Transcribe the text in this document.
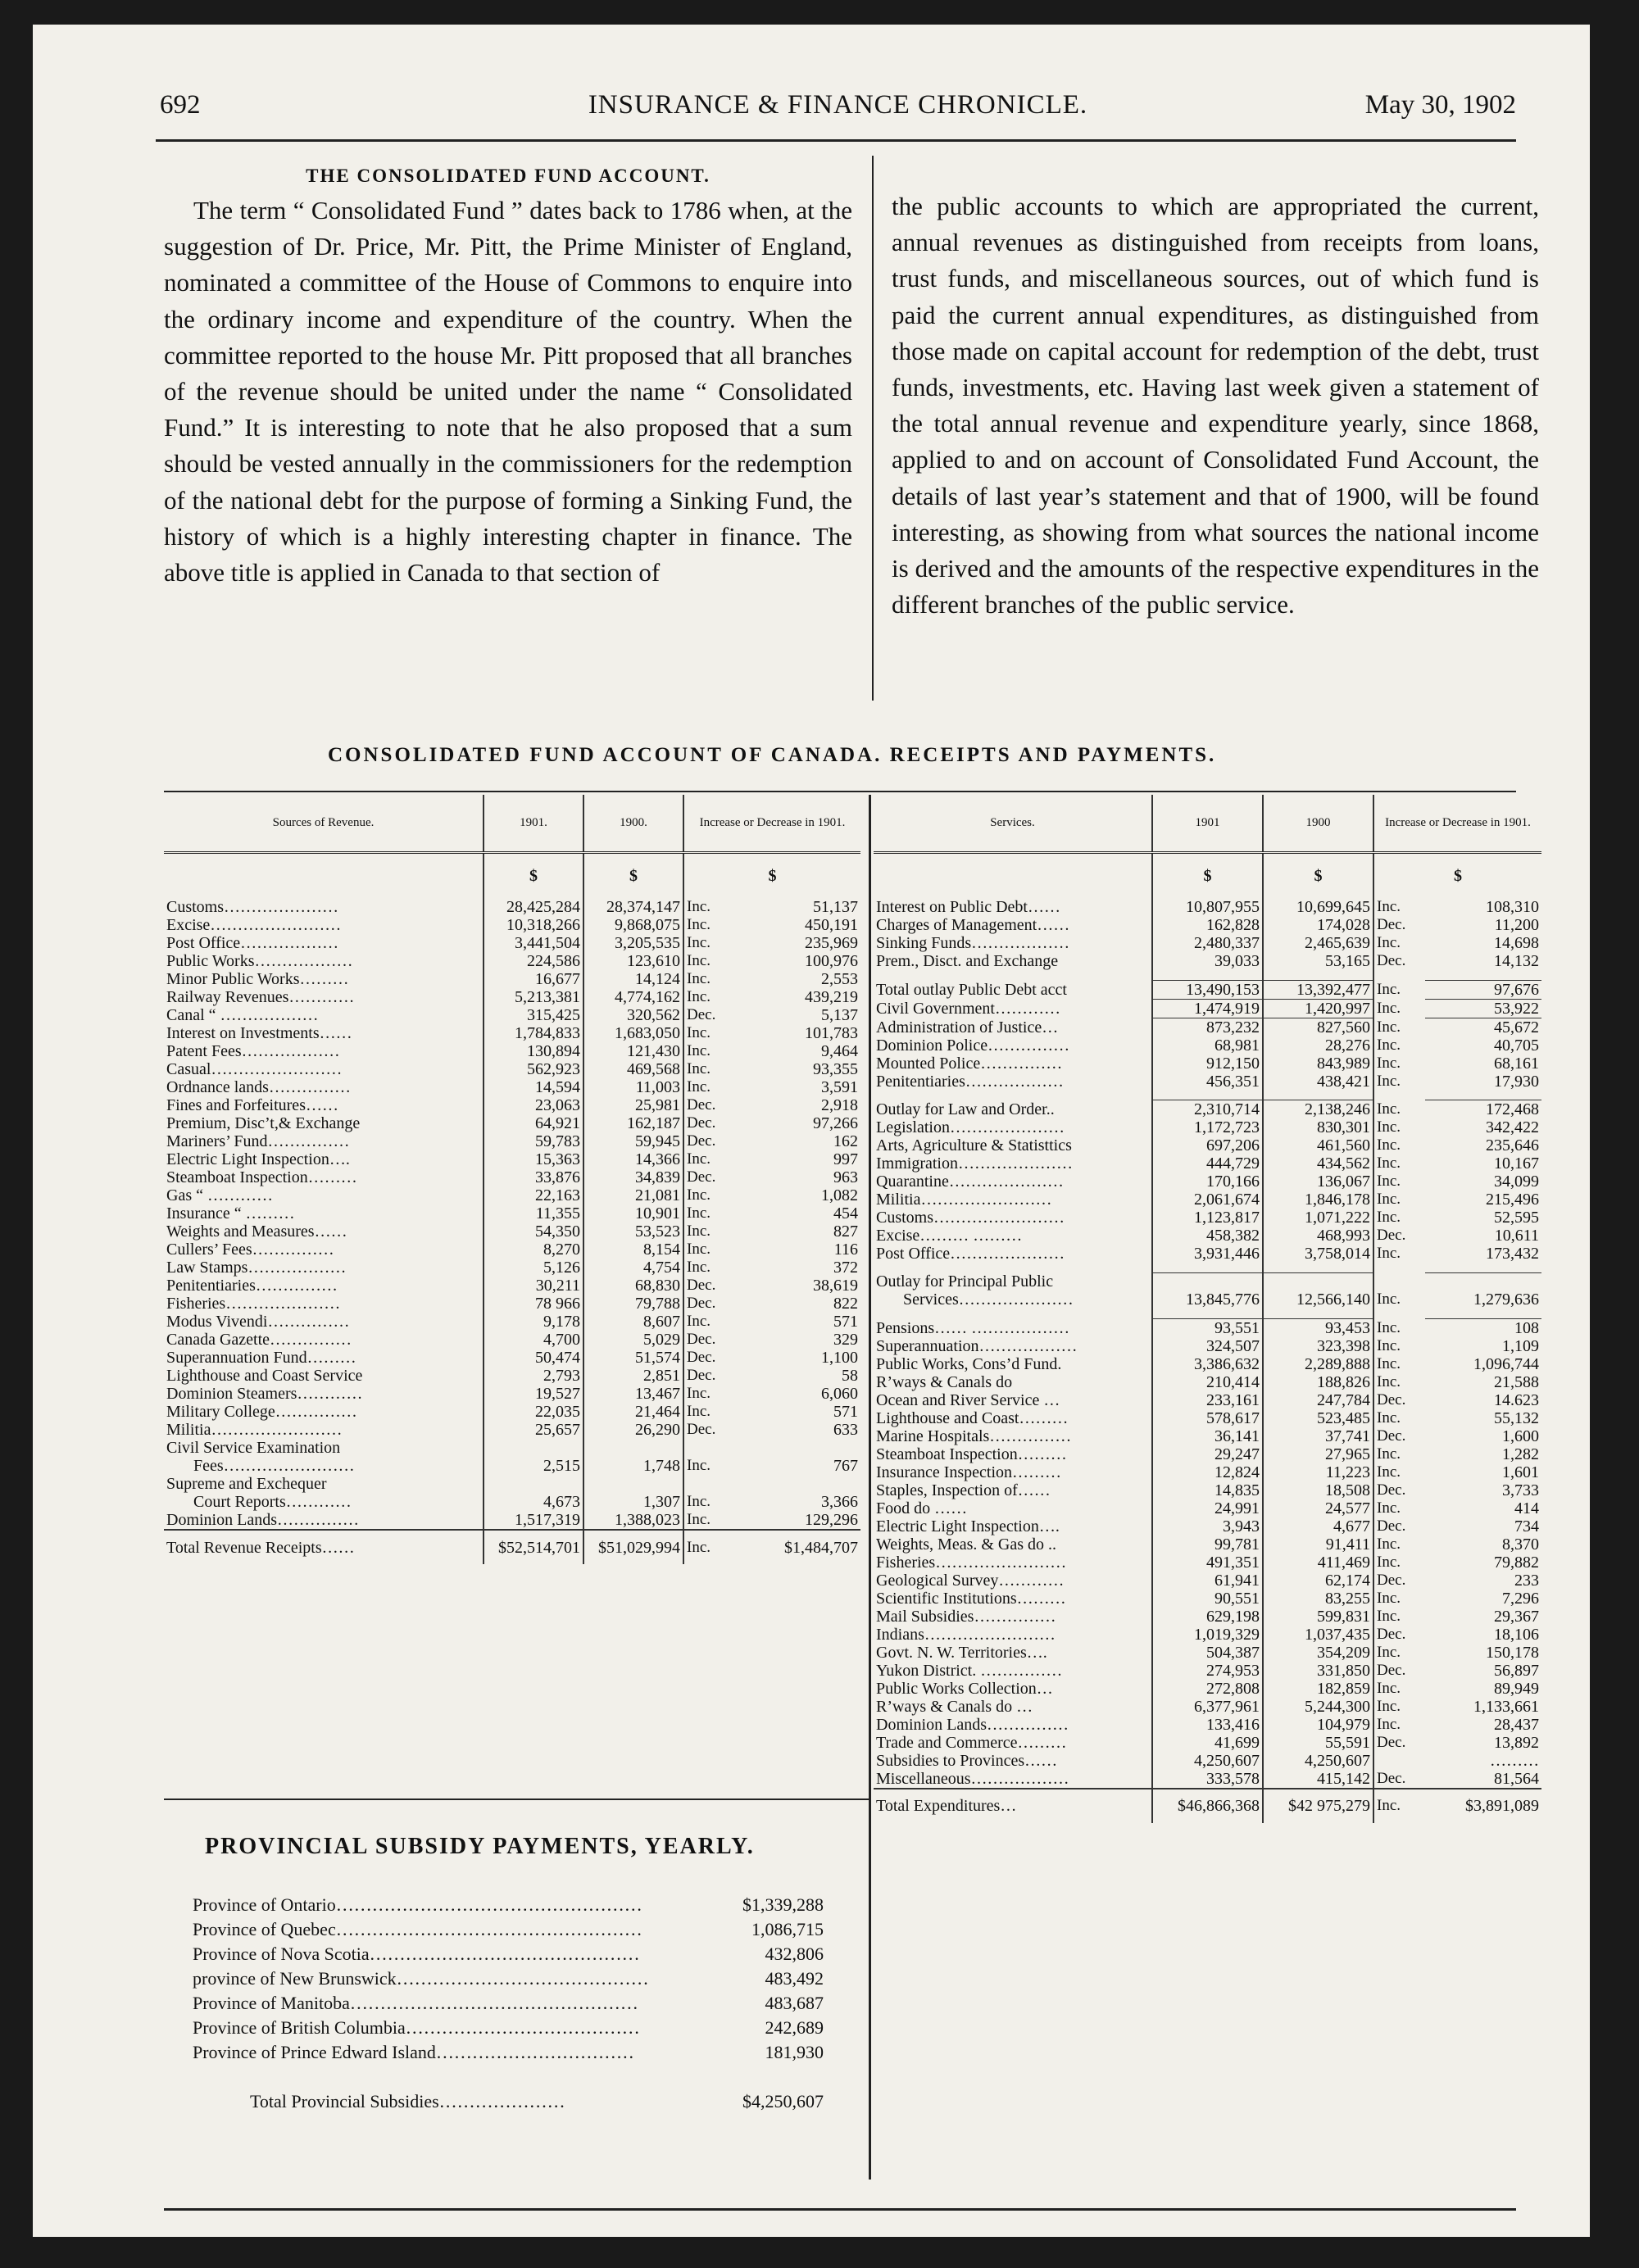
692	INSURANCE & FINANCE CHRONICLE.	May 30, 1902

THE CONSOLIDATED FUND ACCOUNT.

The term “ Consolidated Fund ” dates back to 1786 when, at the suggestion of Dr. Price, Mr. Pitt, the Prime Minister of England, nominated a committee of the House of Commons to enquire into the ordinary income and expenditure of the country. When the committee reported to the house Mr. Pitt proposed that all branches of the revenue should be united under the name “ Consolidated Fund.” It is interesting to note that he also proposed that a sum should be vested annually in the commissioners for the redemption of the national debt for the purpose of forming a Sinking Fund, the history of which is a highly interesting chapter in finance. The above title is applied in Canada to that section of

the public accounts to which are appropriated the current, annual revenues as distinguished from receipts from loans, trust funds, and miscellaneous sources, out of which fund is paid the current annual expenditures, as distinguished from those made on capital account for redemption of the debt, trust funds, investments, etc. Having last week given a statement of the total annual revenue and expenditure yearly, since 1868, applied to and on account of Consolidated Fund Account, the details of last year’s statement and that of 1900, will be found interesting, as showing from what sources the national income is derived and the amounts of the respective expenditures in the different branches of the public service.

CONSOLIDATED FUND ACCOUNT OF CANADA. RECEIPTS AND PAYMENTS.
Sources of Revenue.	1901.	1900.	Increase or Decrease in 1901.	
	$	$	$	
Customs…………………	28,425,284	28,374,147	Inc.	51,137
Excise……………………	10,318,266	9,868,075	Inc.	450,191
Post Office………………	3,441,504	3,205,535	Inc.	235,969
Public Works………………	224,586	123,610	Inc.	100,976
Minor Public Works………	16,677	14,124	Inc.	2,553
Railway Revenues…………	5,213,381	4,774,162	Inc.	439,219
Canal “ ………………	315,425	320,562	Dec.	5,137
Interest on Investments……	1,784,833	1,683,050	Inc.	101,783
Patent Fees………………	130,894	121,430	Inc.	9,464
Casual……………………	562,923	469,568	Inc.	93,355
Ordnance lands……………	14,594	11,003	Inc.	3,591
Fines and Forfeitures……	23,063	25,981	Dec.	2,918
Premium, Disc’t,& Exchange	64,921	162,187	Dec.	97,266
Mariners’ Fund……………	59,783	59,945	Dec.	162
Electric Light Inspection….	15,363	14,366	Inc.	997
Steamboat Inspection………	33,876	34,839	Dec.	963
Gas “ …………	22,163	21,081	Inc.	1,082
Insurance “ ………	11,355	10,901	Inc.	454
Weights and Measures……	54,350	53,523	Inc.	827
Cullers’ Fees……………	8,270	8,154	Inc.	116
Law Stamps………………	5,126	4,754	Inc.	372
Penitentiaries……………	30,211	68,830	Dec.	38,619
Fisheries…………………	78 966	79,788	Dec.	822
Modus Vivendi……………	9,178	8,607	Inc.	571
Canada Gazette……………	4,700	5,029	Dec.	329
Superannuation Fund………	50,474	51,574	Dec.	1,100
Lighthouse and Coast Service	2,793	2,851	Dec.	58
Dominion Steamers…………	19,527	13,467	Inc.	6,060
Military College……………	22,035	21,464	Inc.	571
Militia……………………	25,657	26,290	Dec.	633
Civil Service Examination				
Fees……………………	2,515	1,748	Inc.	767
Supreme and Exchequer				
Court Reports…………	4,673	1,307	Inc.	3,366
Dominion Lands……………	1,517,319	1,388,023	Inc.	129,296
Total Revenue Receipts……	$52,514,701	$51,029,994	Inc.	$1,484,707
Services.	1901	1900	Increase or Decrease in 1901.	
	$	$	$	
Interest on Public Debt……	10,807,955	10,699,645	Inc.	108,310
Charges of Management……	162,828	174,028	Dec.	11,200
Sinking Funds………………	2,480,337	2,465,639	Inc.	14,698
Prem., Disct. and Exchange	39,033	53,165	Dec.	14,132

Total outlay Public Debt acct	13,490,153	13,392,477	Inc.	97,676
Civil Government…………	1,474,919	1,420,997	Inc.	53,922
Administration of Justice…	873,232	827,560	Inc.	45,672
Dominion Police……………	68,981	28,276	Inc.	40,705
Mounted Police……………	912,150	843,989	Inc.	68,161
Penitentiaries………………	456,351	438,421	Inc.	17,930

Outlay for Law and Order..	2,310,714	2,138,246	Inc.	172,468
Legislation…………………	1,172,723	830,301	Inc.	342,422
Arts, Agriculture & Statisttics	697,206	461,560	Inc.	235,646
Immigration…………………	444,729	434,562	Inc.	10,167
Quarantine…………………	170,166	136,067	Inc.	34,099
Militia……………………	2,061,674	1,846,178	Inc.	215,496
Customs……………………	1,123,817	1,071,222	Inc.	52,595
Excise……… ………	458,382	468,993	Dec.	10,611
Post Office…………………	3,931,446	3,758,014	Inc.	173,432

Outlay for Principal Public				
Services…………………	13,845,776	12,566,140	Inc.	1,279,636

Pensions…… ………………	93,551	93,453	Inc.	108
Superannuation………………	324,507	323,398	Inc.	1,109
Public Works, Cons’d Fund.	3,386,632	2,289,888	Inc.	1,096,744
R’ways & Canals do	210,414	188,826	Inc.	21,588
Ocean and River Service …	233,161	247,784	Dec.	14.623
Lighthouse and Coast………	578,617	523,485	Inc.	55,132
Marine Hospitals……………	36,141	37,741	Dec.	1,600
Steamboat Inspection………	29,247	27,965	Inc.	1,282
Insurance Inspection………	12,824	11,223	Inc.	1,601
Staples, Inspection of……	14,835	18,508	Dec.	3,733
Food do ……	24,991	24,577	Inc.	414
Electric Light Inspection….	3,943	4,677	Dec.	734
Weights, Meas. & Gas do ..	99,781	91,411	Inc.	8,370
Fisheries……………………	491,351	411,469	Inc.	79,882
Geological Survey…………	61,941	62,174	Dec.	233
Scientific Institutions………	90,551	83,255	Inc.	7,296
Mail Subsidies……………	629,198	599,831	Inc.	29,367
Indians……………………	1,019,329	1,037,435	Dec.	18,106
Govt. N. W. Territories….	504,387	354,209	Inc.	150,178
Yukon District. ……………	274,953	331,850	Dec.	56,897
Public Works Collection…	272,808	182,859	Inc.	89,949
R’ways & Canals do …	6,377,961	5,244,300	Inc.	1,133,661
Dominion Lands……………	133,416	104,979	Inc.	28,437
Trade and Commerce………	41,699	55,591	Dec.	13,892
Subsidies to Provinces……	4,250,607	4,250,607		………
Miscellaneous………………	333,578	415,142	Dec.	81,564
Total Expenditures…	$46,866,368	$42 975,279	Inc.	$3,891,089
PROVINCIAL SUBSIDY PAYMENTS, YEARLY.
Province of Ontario……………………………………………	$1,339,288
Province of Quebec……………………………………………	1,086,715
Province of Nova Scotia………………………………………	432,806
province of New Brunswick……………………………………	483,492
Province of Manitoba…………………………………………	483,687
Province of British Columbia…………………………………	242,689
Province of Prince Edward Island……………………………	181,930
Total Provincial Subsidies…………………	$4,250,607
